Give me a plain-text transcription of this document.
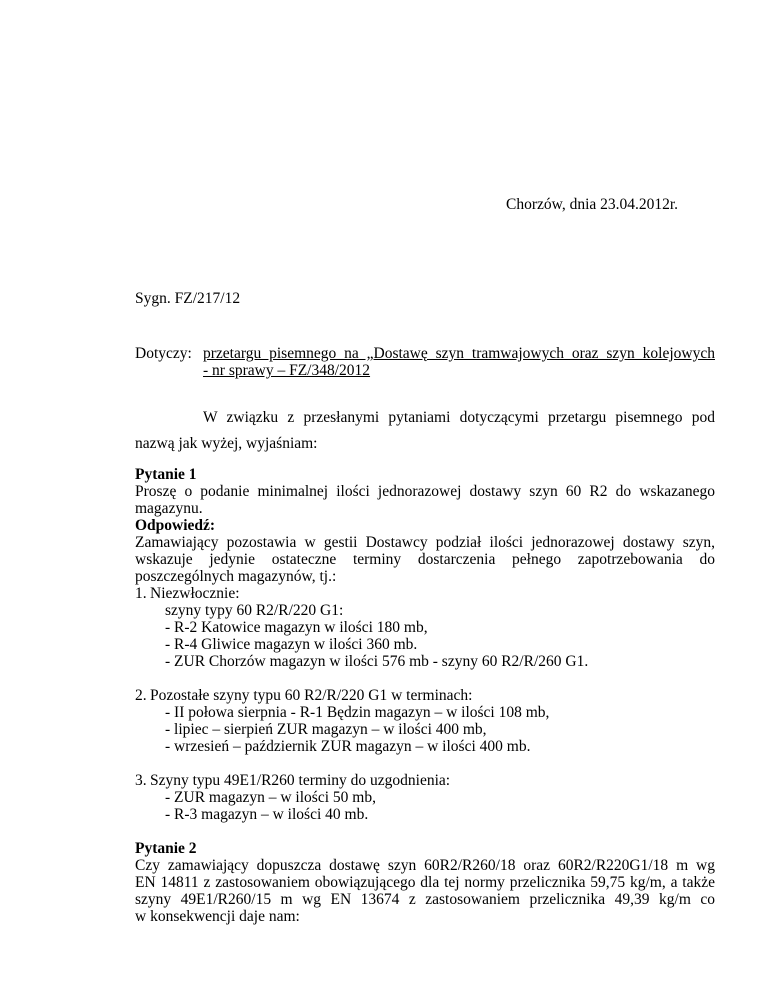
Chorzów, dnia 23.04.2012r.
Sygn. FZ/217/12
Dotyczy: przetargu pisemnego na „Dostawę szyn tramwajowych oraz szyn kolejowych
- nr sprawy – FZ/348/2012
W związku z przesłanymi pytaniami dotyczącymi przetargu pisemnego pod
nazwą jak wyżej, wyjaśniam:
Pytanie 1
Proszę o podanie minimalnej ilości jednorazowej dostawy szyn 60 R2 do wskazanego
magazynu.
Odpowiedź:
Zamawiający pozostawia w gestii Dostawcy podział ilości jednorazowej dostawy szyn,
wskazuje jedynie ostateczne terminy dostarczenia pełnego zapotrzebowania do
poszczególnych magazynów, tj.:
1. Niezwłocznie:
szyny typy 60 R2/R/220 G1:
- R-2 Katowice magazyn w ilości 180 mb,
- R-4 Gliwice magazyn w ilości 360 mb.
- ZUR Chorzów magazyn w ilości 576 mb - szyny 60 R2/R/260 G1.
2. Pozostałe szyny typu 60 R2/R/220 G1 w terminach:
- II połowa sierpnia - R-1 Będzin magazyn – w ilości 108 mb,
- lipiec – sierpień ZUR magazyn – w ilości 400 mb,
- wrzesień – październik ZUR magazyn – w ilości 400 mb.
3. Szyny typu 49E1/R260 terminy do uzgodnienia:
- ZUR magazyn – w ilości 50 mb,
- R-3 magazyn – w ilości 40 mb.
Pytanie 2
Czy zamawiający dopuszcza dostawę szyn 60R2/R260/18 oraz 60R2/R220G1/18 m wg
EN 14811 z zastosowaniem obowiązującego dla tej normy przelicznika 59,75 kg/m, a także
szyny 49E1/R260/15 m wg EN 13674 z zastosowaniem przelicznika 49,39 kg/m co
w konsekwencji daje nam:
